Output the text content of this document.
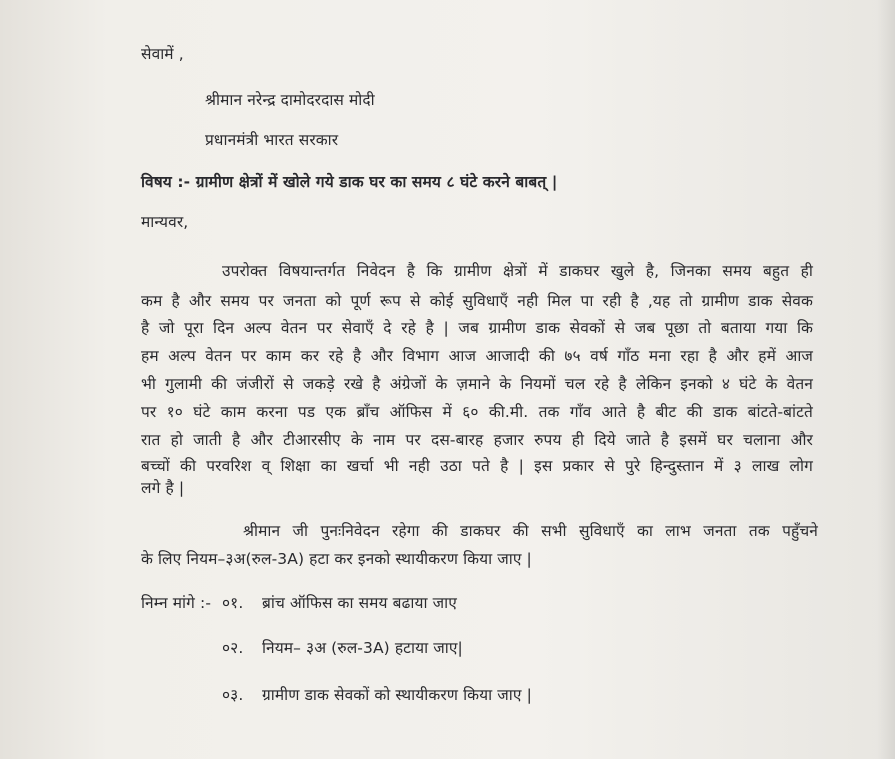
सेवामें ,
श्रीमान नरेन्द्र दामोदरदास मोदी
प्रधानमंत्री भारत सरकार
विषय :- ग्रामीण क्षेत्रों में खोले गये डाक घर का समय ८ घंटे करने बाबत् |
मान्यवर,
उपरोक्त विषयान्तर्गत निवेदन है कि ग्रामीण क्षेत्रों में डाकघर खुले है, जिनका समय बहुत ही
कम है और समय पर जनता को पूर्ण रूप से कोई सुविधाएँ नही मिल पा रही है ,यह तो ग्रामीण डाक सेवक
है जो पूरा दिन अल्प वेतन पर सेवाएँ दे रहे है | जब ग्रामीण डाक सेवकों से जब पूछा तो बताया गया कि
हम अल्प वेतन पर काम कर रहे है और विभाग आज आजादी की ७५ वर्ष गाँठ मना रहा है और हमें आज
भी गुलामी की जंजीरों से जकड़े रखे है अंग्रेजों के ज़माने के नियमों चल रहे है लेकिन इनको ४ घंटे के वेतन
पर १० घंटे काम करना पड एक ब्राँच ऑफिस में ६० की.मी. तक गाँव आते है बीट की डाक बांटते-बांटते
रात हो जाती है और टीआरसीए के नाम पर दस-बारह हजार रुपय ही दिये जाते है इसमें घर चलाना और
बच्चों की परवरिश व् शिक्षा का खर्चा भी नही उठा पते है | इस प्रकार से पुरे हिन्दुस्तान में ३ लाख लोग
लगे है |
श्रीमान जी पुनःनिवेदन रहेगा की डाकघर की सभी सुविधाएँ का लाभ जनता तक पहुँचने
के लिए नियम–३अ(रुल-3A) हटा कर इनको स्थायीकरण किया जाए |
निम्न मांगे :- ०१. ब्रांच ऑफिस का समय बढाया जाए
०२. नियम– ३अ (रुल-3A) हटाया जाए|
०३. ग्रामीण डाक सेवकों को स्थायीकरण किया जाए |
